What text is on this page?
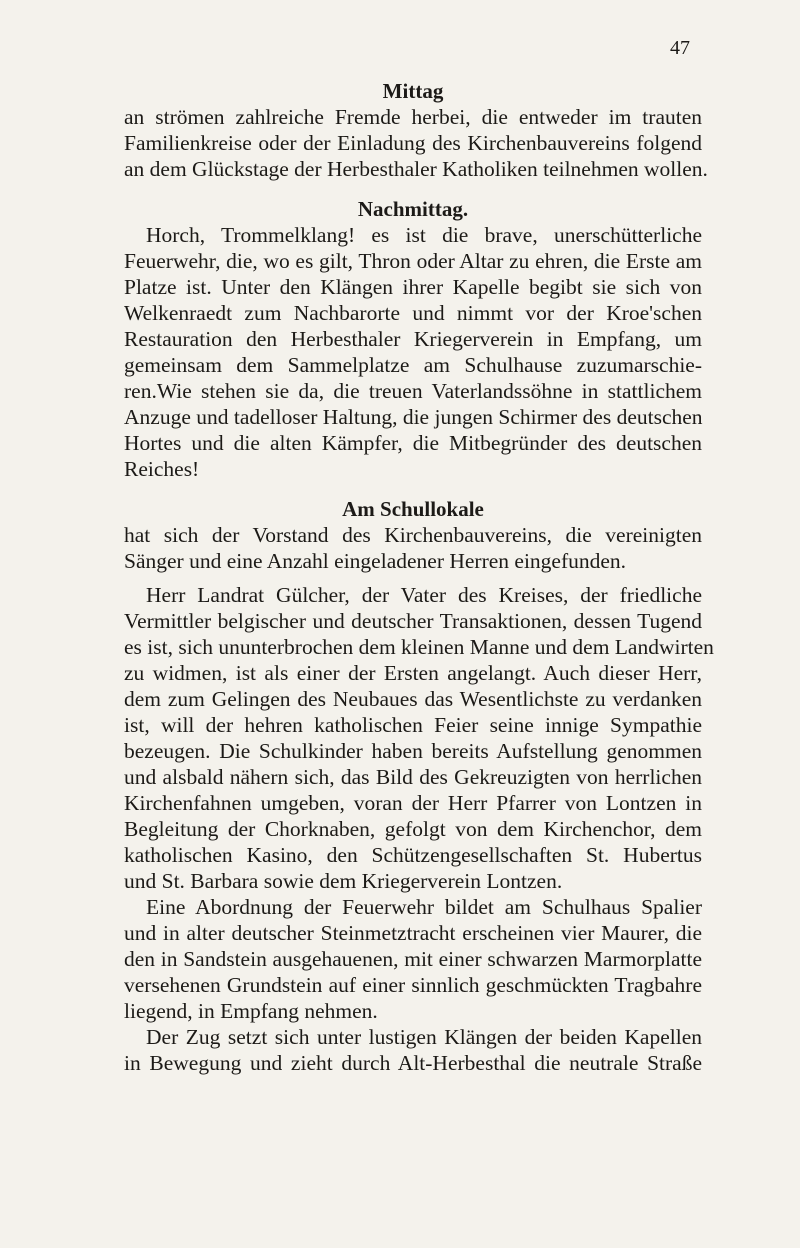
47
Mittag
an strömen zahlreiche Fremde herbei, die entweder im trauten
Familienkreise oder der Einladung des Kirchenbauvereins folgend
an dem Glückstage der Herbesthaler Katholiken teilnehmen wollen.
Nachmittag.
Horch, Trommelklang! es ist die brave, unerschütterliche
Feuerwehr, die, wo es gilt, Thron oder Altar zu ehren, die Erste am
Platze ist. Unter den Klängen ihrer Kapelle begibt sie sich von
Welkenraedt zum Nachbarorte und nimmt vor der Kroe'schen
Restauration den Herbesthaler Kriegerverein in Empfang, um
gemeinsam dem Sammelplatze am Schulhause zuzumarschie-
ren.Wie stehen sie da, die treuen Vaterlandssöhne in stattlichem
Anzuge und tadelloser Haltung, die jungen Schirmer des deutschen
Hortes und die alten Kämpfer, die Mitbegründer des deutschen
Reiches!
Am Schullokale
hat sich der Vorstand des Kirchenbauvereins, die vereinigten
Sänger und eine Anzahl eingeladener Herren eingefunden.
Herr Landrat Gülcher, der Vater des Kreises, der friedliche
Vermittler belgischer und deutscher Transaktionen, dessen Tugend
es ist, sich ununterbrochen dem kleinen Manne und dem Landwirten
zu widmen, ist als einer der Ersten angelangt. Auch dieser Herr,
dem zum Gelingen des Neubaues das Wesentlichste zu verdanken
ist, will der hehren katholischen Feier seine innige Sympathie
bezeugen. Die Schulkinder haben bereits Aufstellung genommen
und alsbald nähern sich, das Bild des Gekreuzigten von herrlichen
Kirchenfahnen umgeben, voran der Herr Pfarrer von Lontzen in
Begleitung der Chorknaben, gefolgt von dem Kirchenchor, dem
katholischen Kasino, den Schützengesellschaften St. Hubertus
und St. Barbara sowie dem Kriegerverein Lontzen.
Eine Abordnung der Feuerwehr bildet am Schulhaus Spalier
und in alter deutscher Steinmetztracht erscheinen vier Maurer, die
den in Sandstein ausgehauenen, mit einer schwarzen Marmorplatte
versehenen Grundstein auf einer sinnlich geschmückten Tragbahre
liegend, in Empfang nehmen.
Der Zug setzt sich unter lustigen Klängen der beiden Kapellen
in Bewegung und zieht durch Alt-Herbesthal die neutrale Straße
